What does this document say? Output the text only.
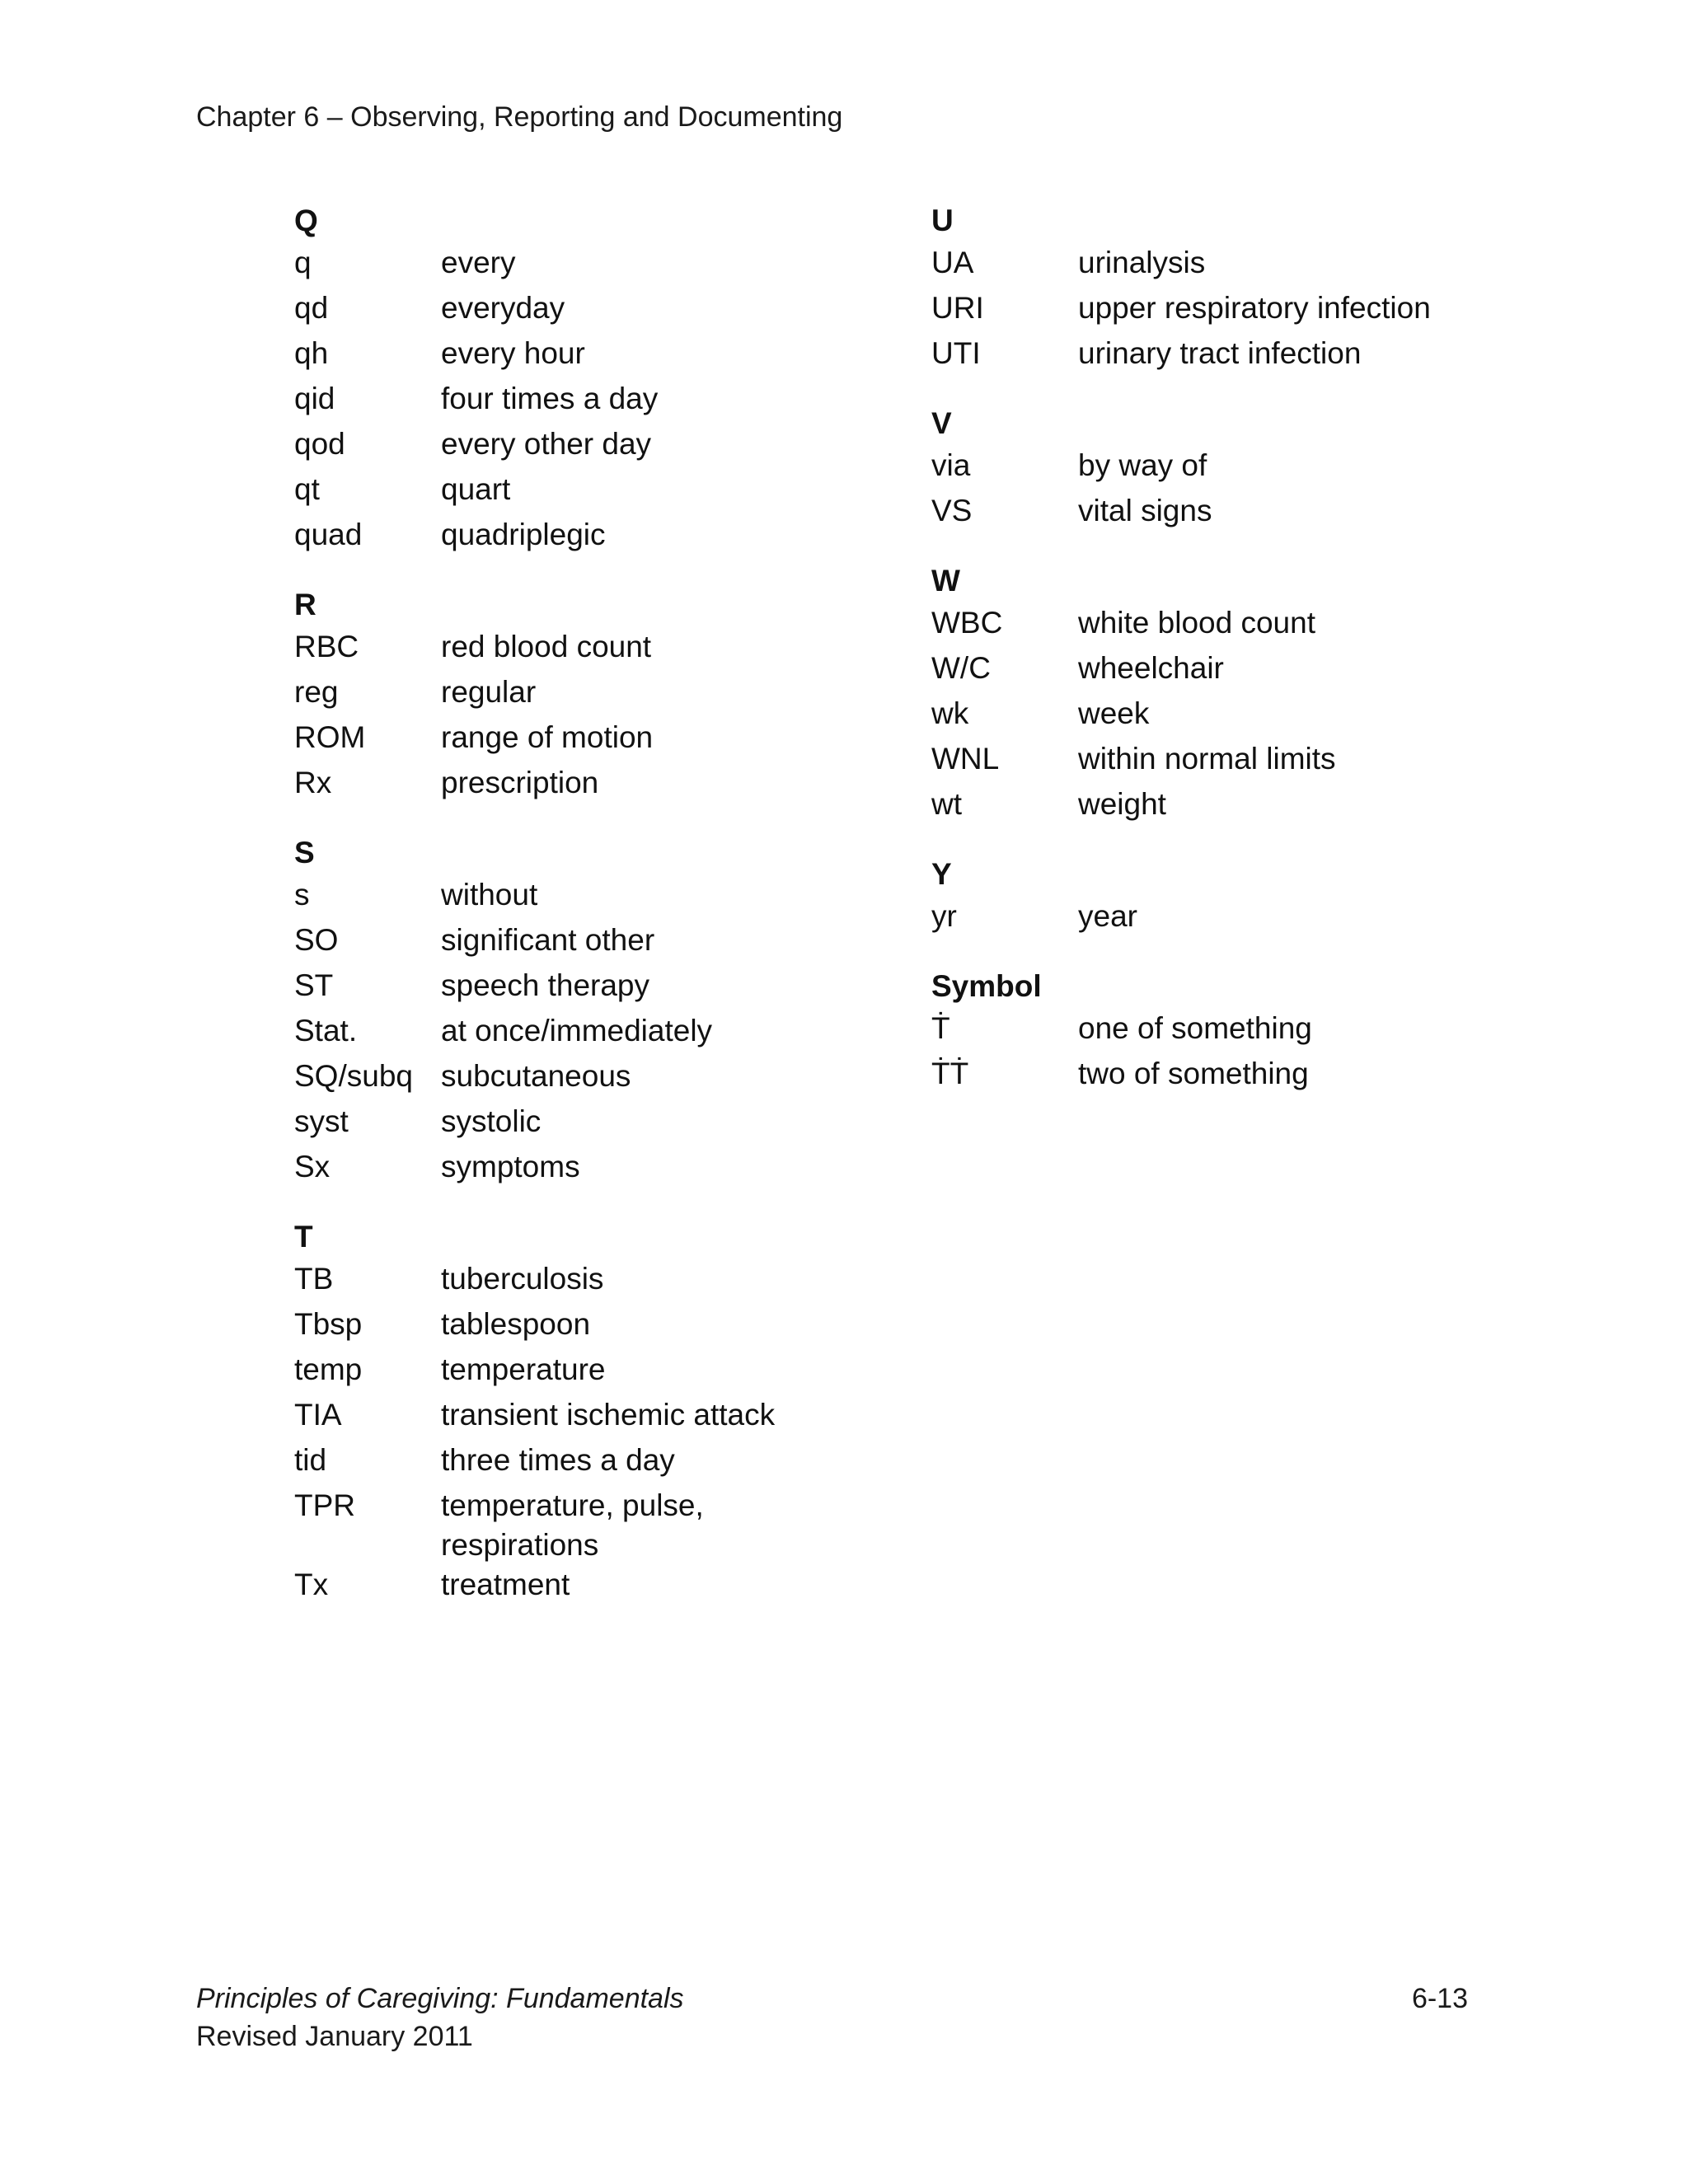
Chapter 6 – Observing, Reporting and Documenting
Q
q	every
qd	everyday
qh	every hour
qid	four times a day
qod	every other day
qt	quart
quad	quadriplegic
R
RBC	red blood count
reg	regular
ROM	range of motion
Rx	prescription
S
s	without
SO	significant other
ST	speech therapy
Stat.	at once/immediately
SQ/subq subcutaneous
syst	systolic
Sx	symptoms
T
TB	tuberculosis
Tbsp	tablespoon
temp	temperature
TIA	transient ischemic attack
tid	three times a day
TPR	temperature, pulse, respirations
Tx	treatment
U
UA	urinalysis
URI	upper respiratory infection
UTI	urinary tract infection
V
via	by way of
VS	vital signs
W
WBC	white blood count
W/C	wheelchair
wk	week
WNL	within normal limits
wt	weight
Y
yr	year
Symbol
Ṫ	one of something
ṪṪ	two of something
Principles of Caregiving: Fundamentals
Revised January 2011
6-13
